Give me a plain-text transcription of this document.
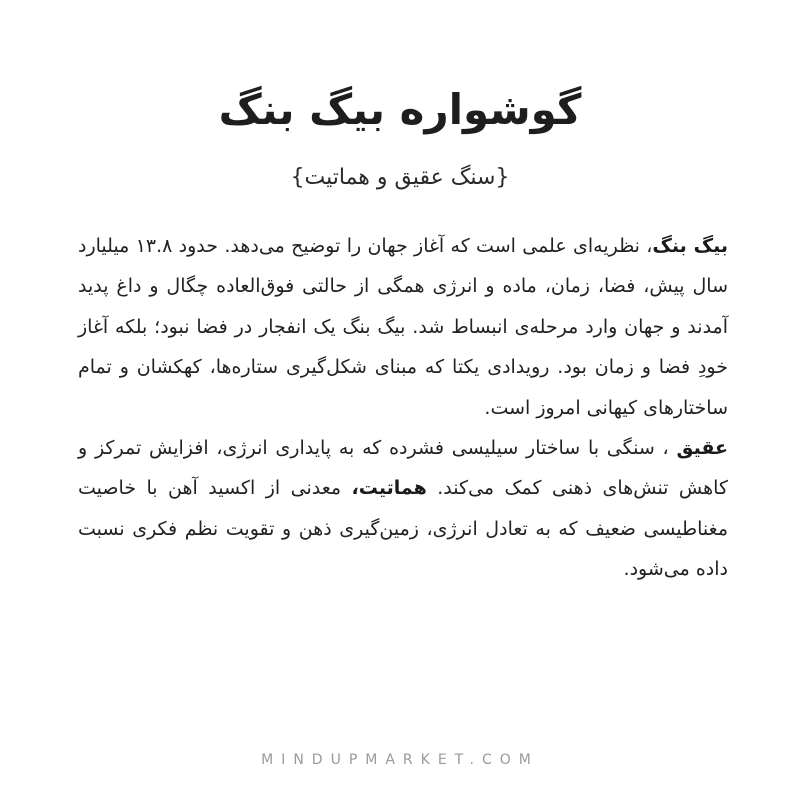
گوشواره بیگ بنگ
{سنگ عقیق و هماتیت}

بیگ بنگ، نظریه‌ای علمی است که آغاز جهان را توضیح می‌دهد. حدود ۱۳.۸ میلیارد سال پیش، فضا، زمان، ماده و انرژی همگی از حالتی فوق‌العاده چگال و داغ پدید آمدند و جهان وارد مرحله‌ی انبساط شد. بیگ بنگ یک انفجار در فضا نبود؛ بلکه آغاز خودِ فضا و زمان بود. رویدادی یکتا که مبنای شکل‌گیری ستاره‌ها، کهکشان و تمام ساختارهای کیهانی امروز است.

عقیق ، سنگی با ساختار سیلیسی فشرده که به پایداری انرژی، افزایش تمرکز و کاهش تنش‌های ذهنی کمک می‌کند. هماتیت، معدنی از اکسید آهن با خاصیت مغناطیسی ضعیف که به تعادل انرژی، زمین‌گیری ذهن و تقویت نظم فکری نسبت داده می‌شود.

MINDUPMARKET.COM
